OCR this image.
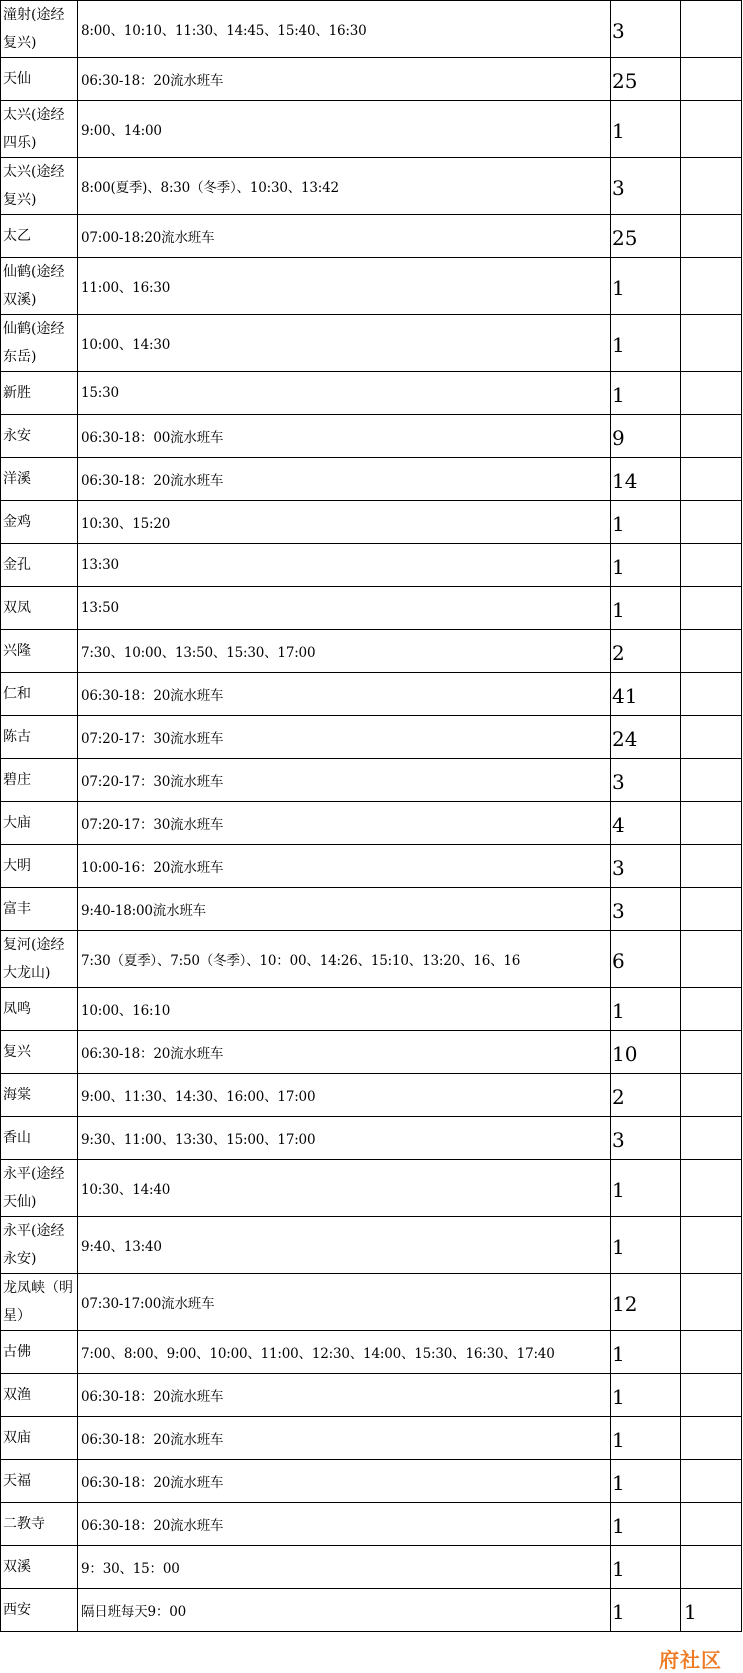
潼射(途经复兴)	8:00、10:10、11:30、14:45、15:40、16:30	3	
天仙	06:30-18：20流水班车	25	
太兴(途经四乐)	9:00、14:00	1	
太兴(途经复兴)	8:00(夏季)、8:30（冬季）、10:30、13:42	3	
太乙	07:00-18:20流水班车	25	
仙鹤(途经双溪)	11:00、16:30	1	
仙鹤(途经东岳)	10:00、14:30	1	
新胜	15:30	1	
永安	06:30-18：00流水班车	9	
洋溪	06:30-18：20流水班车	14	
金鸡	10:30、15:20	1	
金孔	13:30	1	
双凤	13:50	1	
兴隆	7:30、10:00、13:50、15:30、17:00	2	
仁和	06:30-18：20流水班车	41	
陈古	07:20-17：30流水班车	24	
碧庄	07:20-17：30流水班车	3	
大庙	07:20-17：30流水班车	4	
大明	10:00-16：20流水班车	3	
富丰	9:40-18:00流水班车	3	
复河(途经大龙山)	7:30（夏季）、7:50（冬季）、10：00、14:26、15:10、13:20、16、16	6	
凤鸣	10:00、16:10	1	
复兴	06:30-18：20流水班车	10	
海棠	9:00、11:30、14:30、16:00、17:00	2	
香山	9:30、11:00、13:30、15:00、17:00	3	
永平(途经天仙)	10:30、14:40	1	
永平(途经永安)	9:40、13:40	1	
龙凤峡（明星）	07:30-17:00流水班车	12	
古佛	7:00、8:00、9:00、10:00、11:00、12:30、14:00、15:30、16:30、17:40	1	
双渔	06:30-18：20流水班车	1	
双庙	06:30-18：20流水班车	1	
天福	06:30-18：20流水班车	1	
二教寺	06:30-18：20流水班车	1	
双溪	9：30、15：00	1	
西安	隔日班每天9：00	1	1
府社区
